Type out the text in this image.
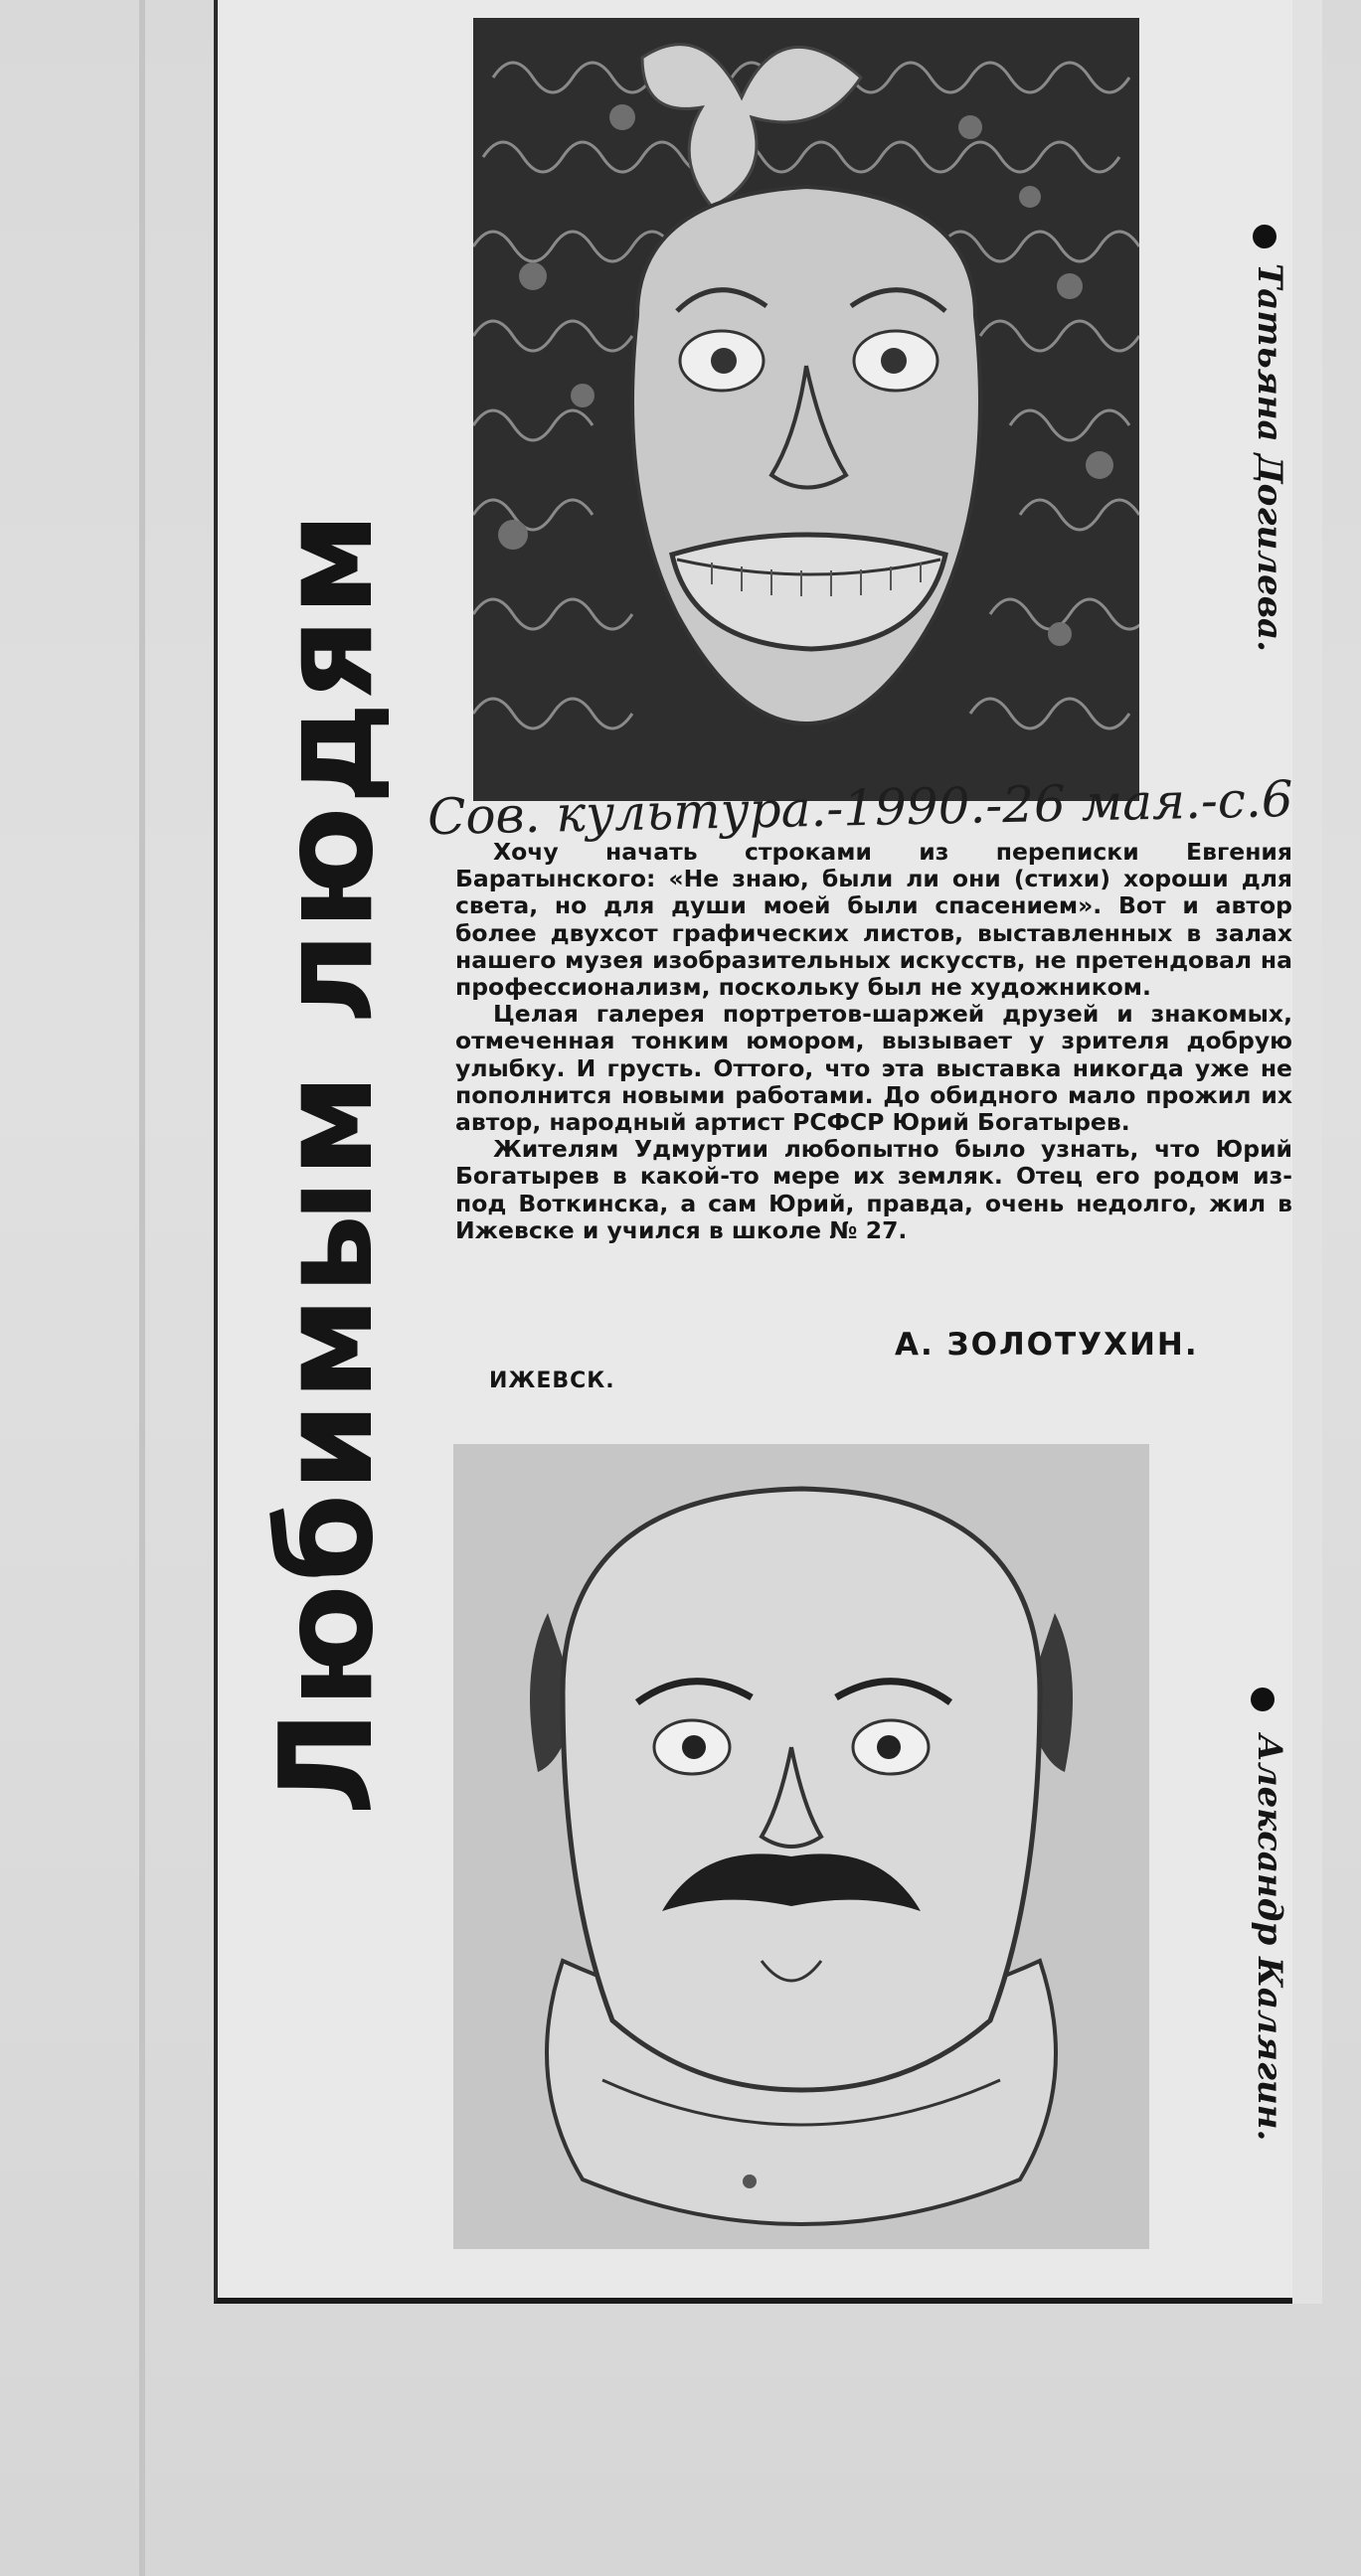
Любимым людям Сов. культура.-1990.-26 мая.-с.6

Хочу начать строками из переписки Евгения Баратынского: «Не знаю, были ли они (стихи) хороши для света, но для души моей были спасением». Вот и автор более двухсот графических листов, выставленных в залах нашего музея изобразительных искусств, не претендовал на профессионализм, поскольку был не художником.

Целая галерея портретов-шаржей друзей и знакомых, отмеченная тонким юмором, вызывает у зрителя добрую улыбку. И грусть. Оттого, что эта выставка никогда уже не пополнится новыми работами. До обидного мало прожил их автор, народный артист РСФСР Юрий Богатырев.

Жителям Удмуртии любопытно было узнать, что Юрий Богатырев в какой-то мере их земляк. Отец его родом из-под Воткинска, а сам Юрий, правда, очень недолго, жил в Ижевске и учился в школе № 27.

А. ЗОЛОТУХИН.
ИЖЕВСК.
Татьяна Догилева.
Александр Калягин.
